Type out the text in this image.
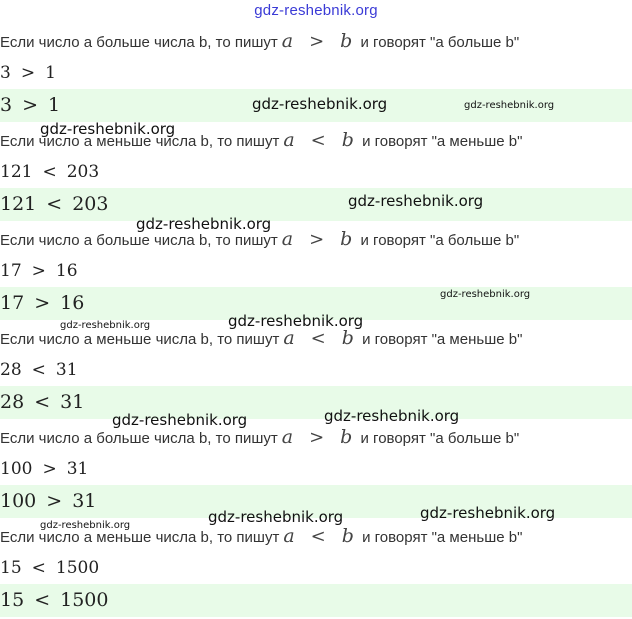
gdz-reshebnik.org
Если число а больше числа b, то пишут a > b и говорят "а больше b"
3 > 1
3 > 1
Если число а меньше числа b, то пишут a < b и говорят "а меньше b"
121 < 203
121 < 203
Если число а больше числа b, то пишут a > b и говорят "а больше b"
17 > 16
17 > 16
Если число а меньше числа b, то пишут a < b и говорят "а меньше b"
28 < 31
28 < 31
Если число а больше числа b, то пишут a > b и говорят "а больше b"
100 > 31
100 > 31
Если число а меньше числа b, то пишут a < b и говорят "а меньше b"
15 < 1500
15 < 1500
gdz-reshebnik.org	gdz-reshebnik.org
gdz-reshebnik.org
gdz-reshebnik.org
gdz-reshebnik.org
gdz-reshebnik.org
gdz-reshebnik.org
gdz-reshebnik.org
gdz-reshebnik.org	gdz-reshebnik.org
gdz-reshebnik.org	gdz-reshebnik.org
gdz-reshebnik.org
